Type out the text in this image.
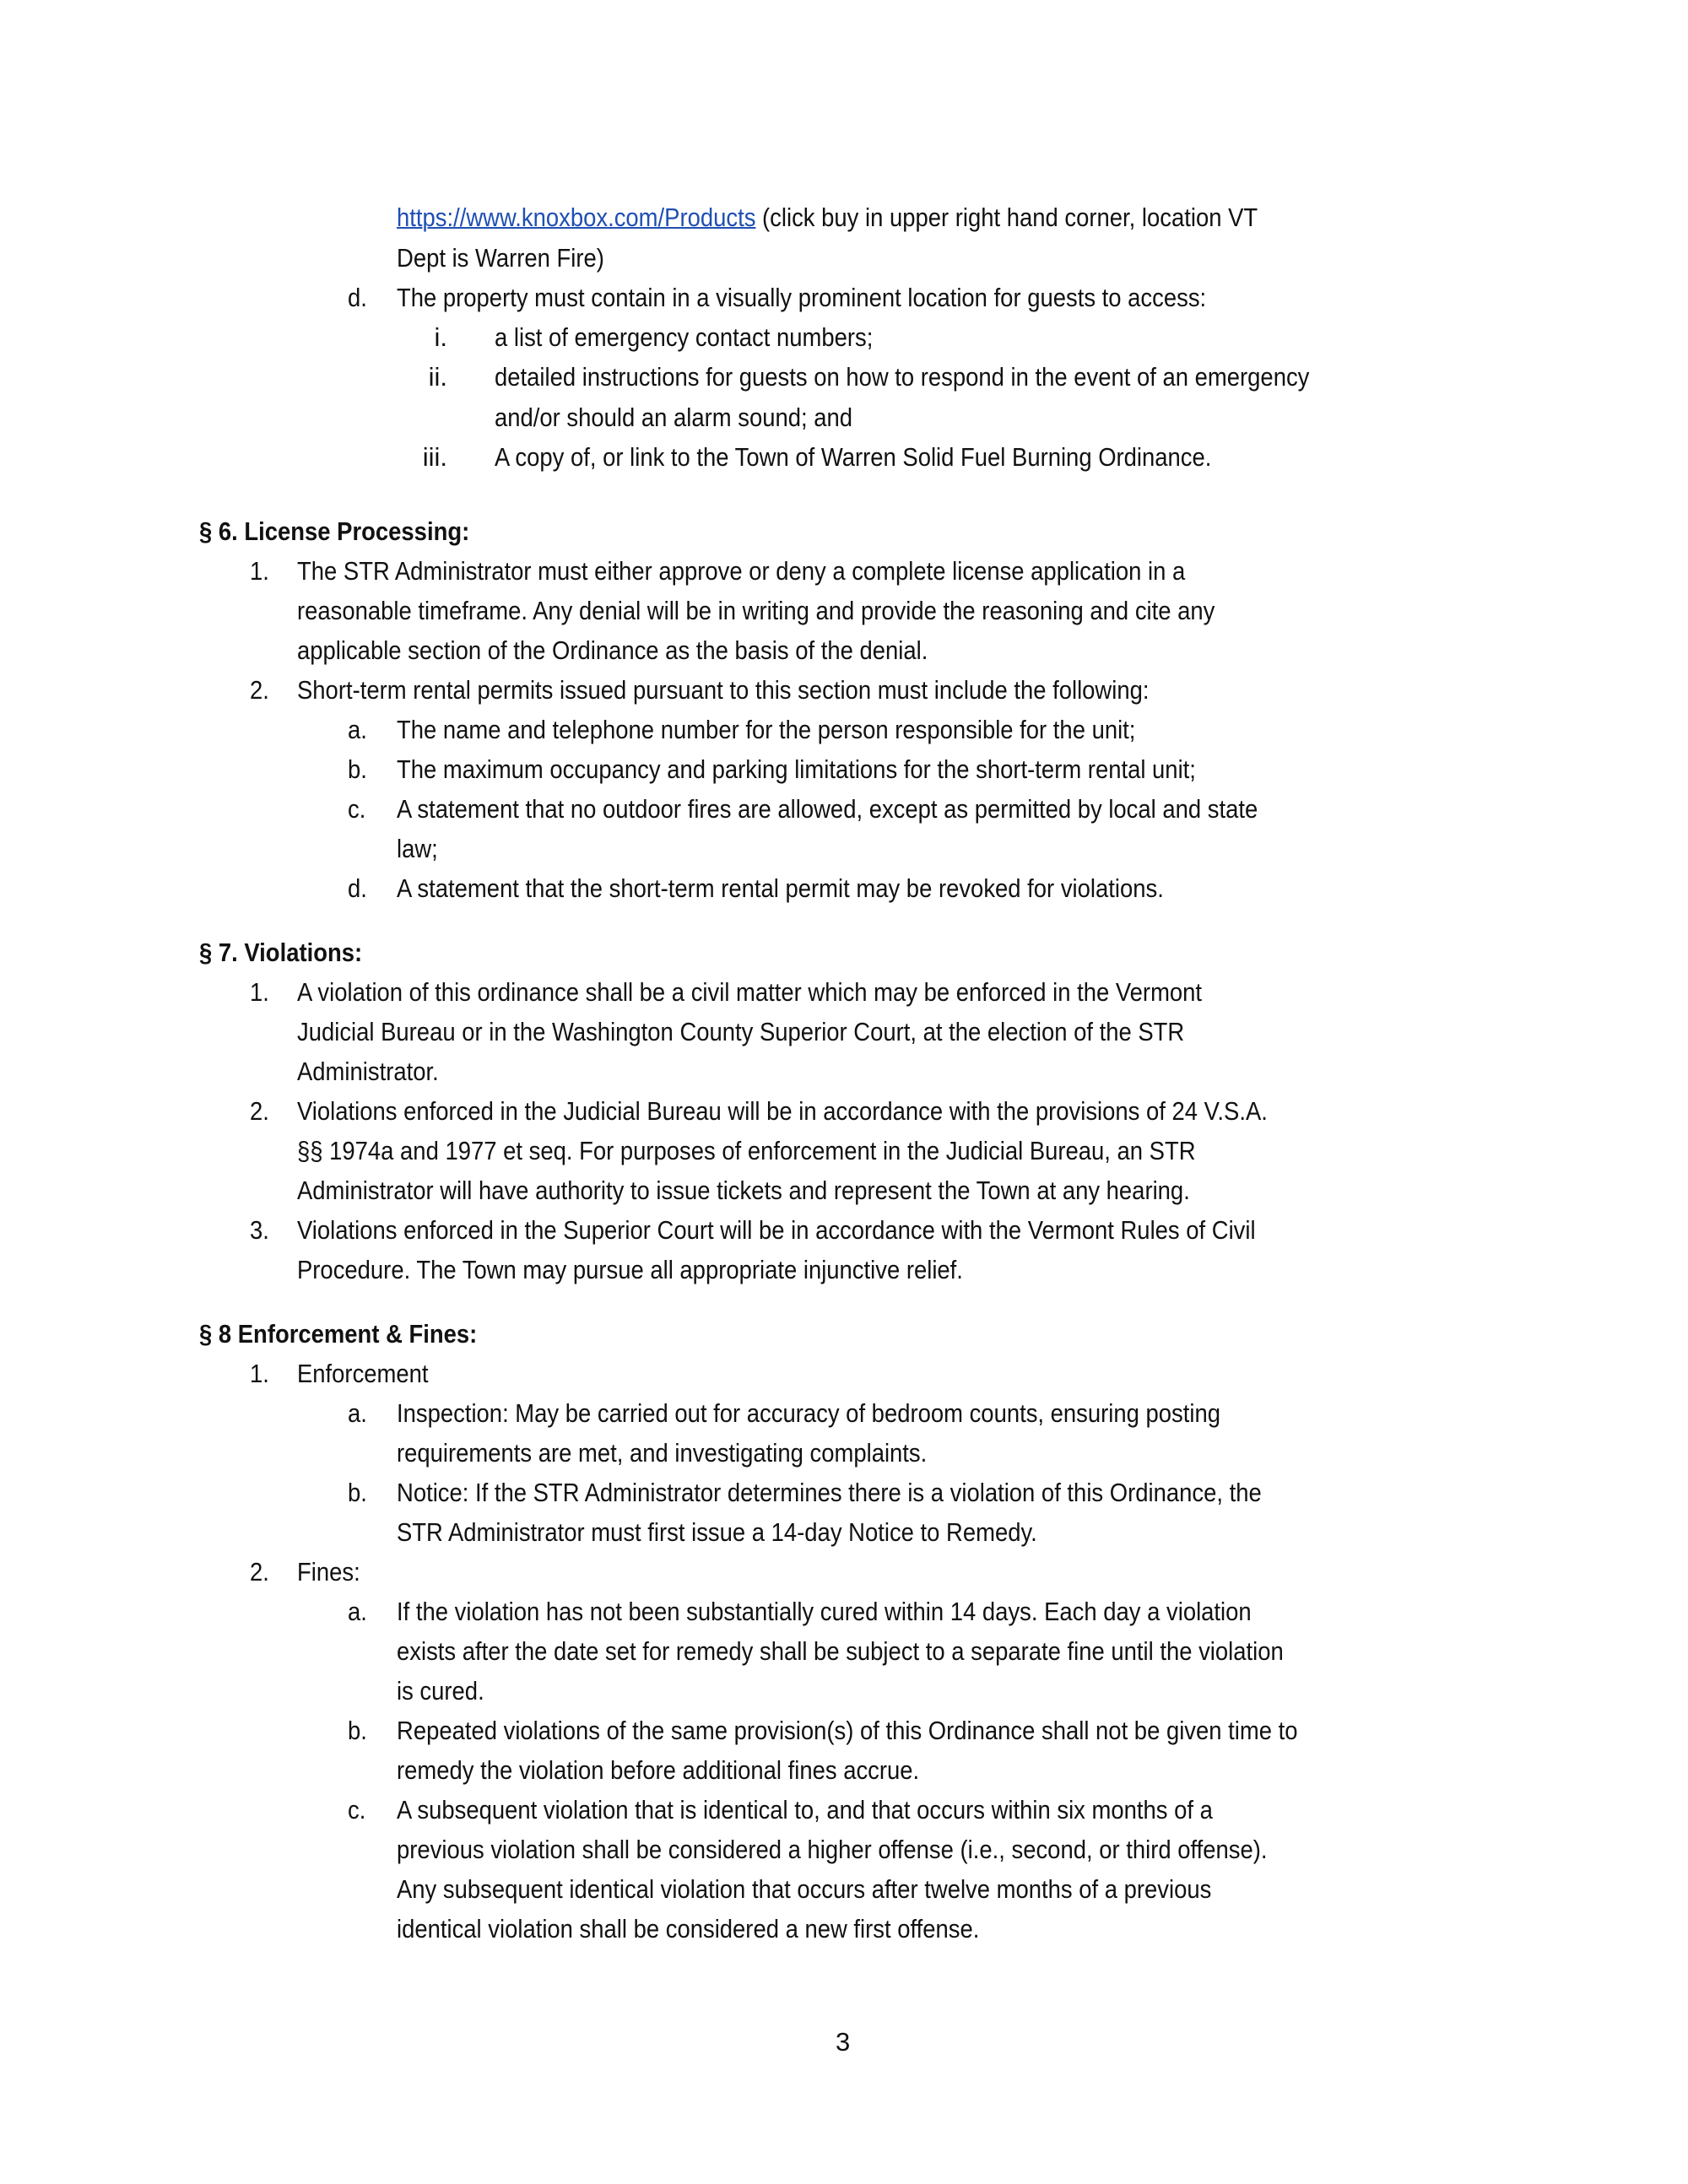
https://www.knoxbox.com/Products (click buy in upper right hand corner, location VT
Dept is Warren Fire)
d. The property must contain in a visually prominent location for guests to access:
i. a list of emergency contact numbers;
ii. detailed instructions for guests on how to respond in the event of an emergency
and/or should an alarm sound; and
iii. A copy of, or link to the Town of Warren Solid Fuel Burning Ordinance.
§ 6. License Processing:
1. The STR Administrator must either approve or deny a complete license application in a
reasonable timeframe. Any denial will be in writing and provide the reasoning and cite any
applicable section of the Ordinance as the basis of the denial.
2. Short-term rental permits issued pursuant to this section must include the following:
a. The name and telephone number for the person responsible for the unit;
b. The maximum occupancy and parking limitations for the short-term rental unit;
c. A statement that no outdoor fires are allowed, except as permitted by local and state
law;
d. A statement that the short-term rental permit may be revoked for violations.
§ 7. Violations:
1. A violation of this ordinance shall be a civil matter which may be enforced in the Vermont
Judicial Bureau or in the Washington County Superior Court, at the election of the STR
Administrator.
2. Violations enforced in the Judicial Bureau will be in accordance with the provisions of 24 V.S.A.
§§ 1974a and 1977 et seq. For purposes of enforcement in the Judicial Bureau, an STR
Administrator will have authority to issue tickets and represent the Town at any hearing.
3. Violations enforced in the Superior Court will be in accordance with the Vermont Rules of Civil
Procedure. The Town may pursue all appropriate injunctive relief.
§ 8 Enforcement & Fines:
1. Enforcement
a. Inspection: May be carried out for accuracy of bedroom counts, ensuring posting
requirements are met, and investigating complaints.
b. Notice: If the STR Administrator determines there is a violation of this Ordinance, the
STR Administrator must first issue a 14-day Notice to Remedy.
2. Fines:
a. If the violation has not been substantially cured within 14 days. Each day a violation
exists after the date set for remedy shall be subject to a separate fine until the violation
is cured.
b. Repeated violations of the same provision(s) of this Ordinance shall not be given time to
remedy the violation before additional fines accrue.
c. A subsequent violation that is identical to, and that occurs within six months of a
previous violation shall be considered a higher offense (i.e., second, or third offense).
Any subsequent identical violation that occurs after twelve months of a previous
identical violation shall be considered a new first offense.
3
